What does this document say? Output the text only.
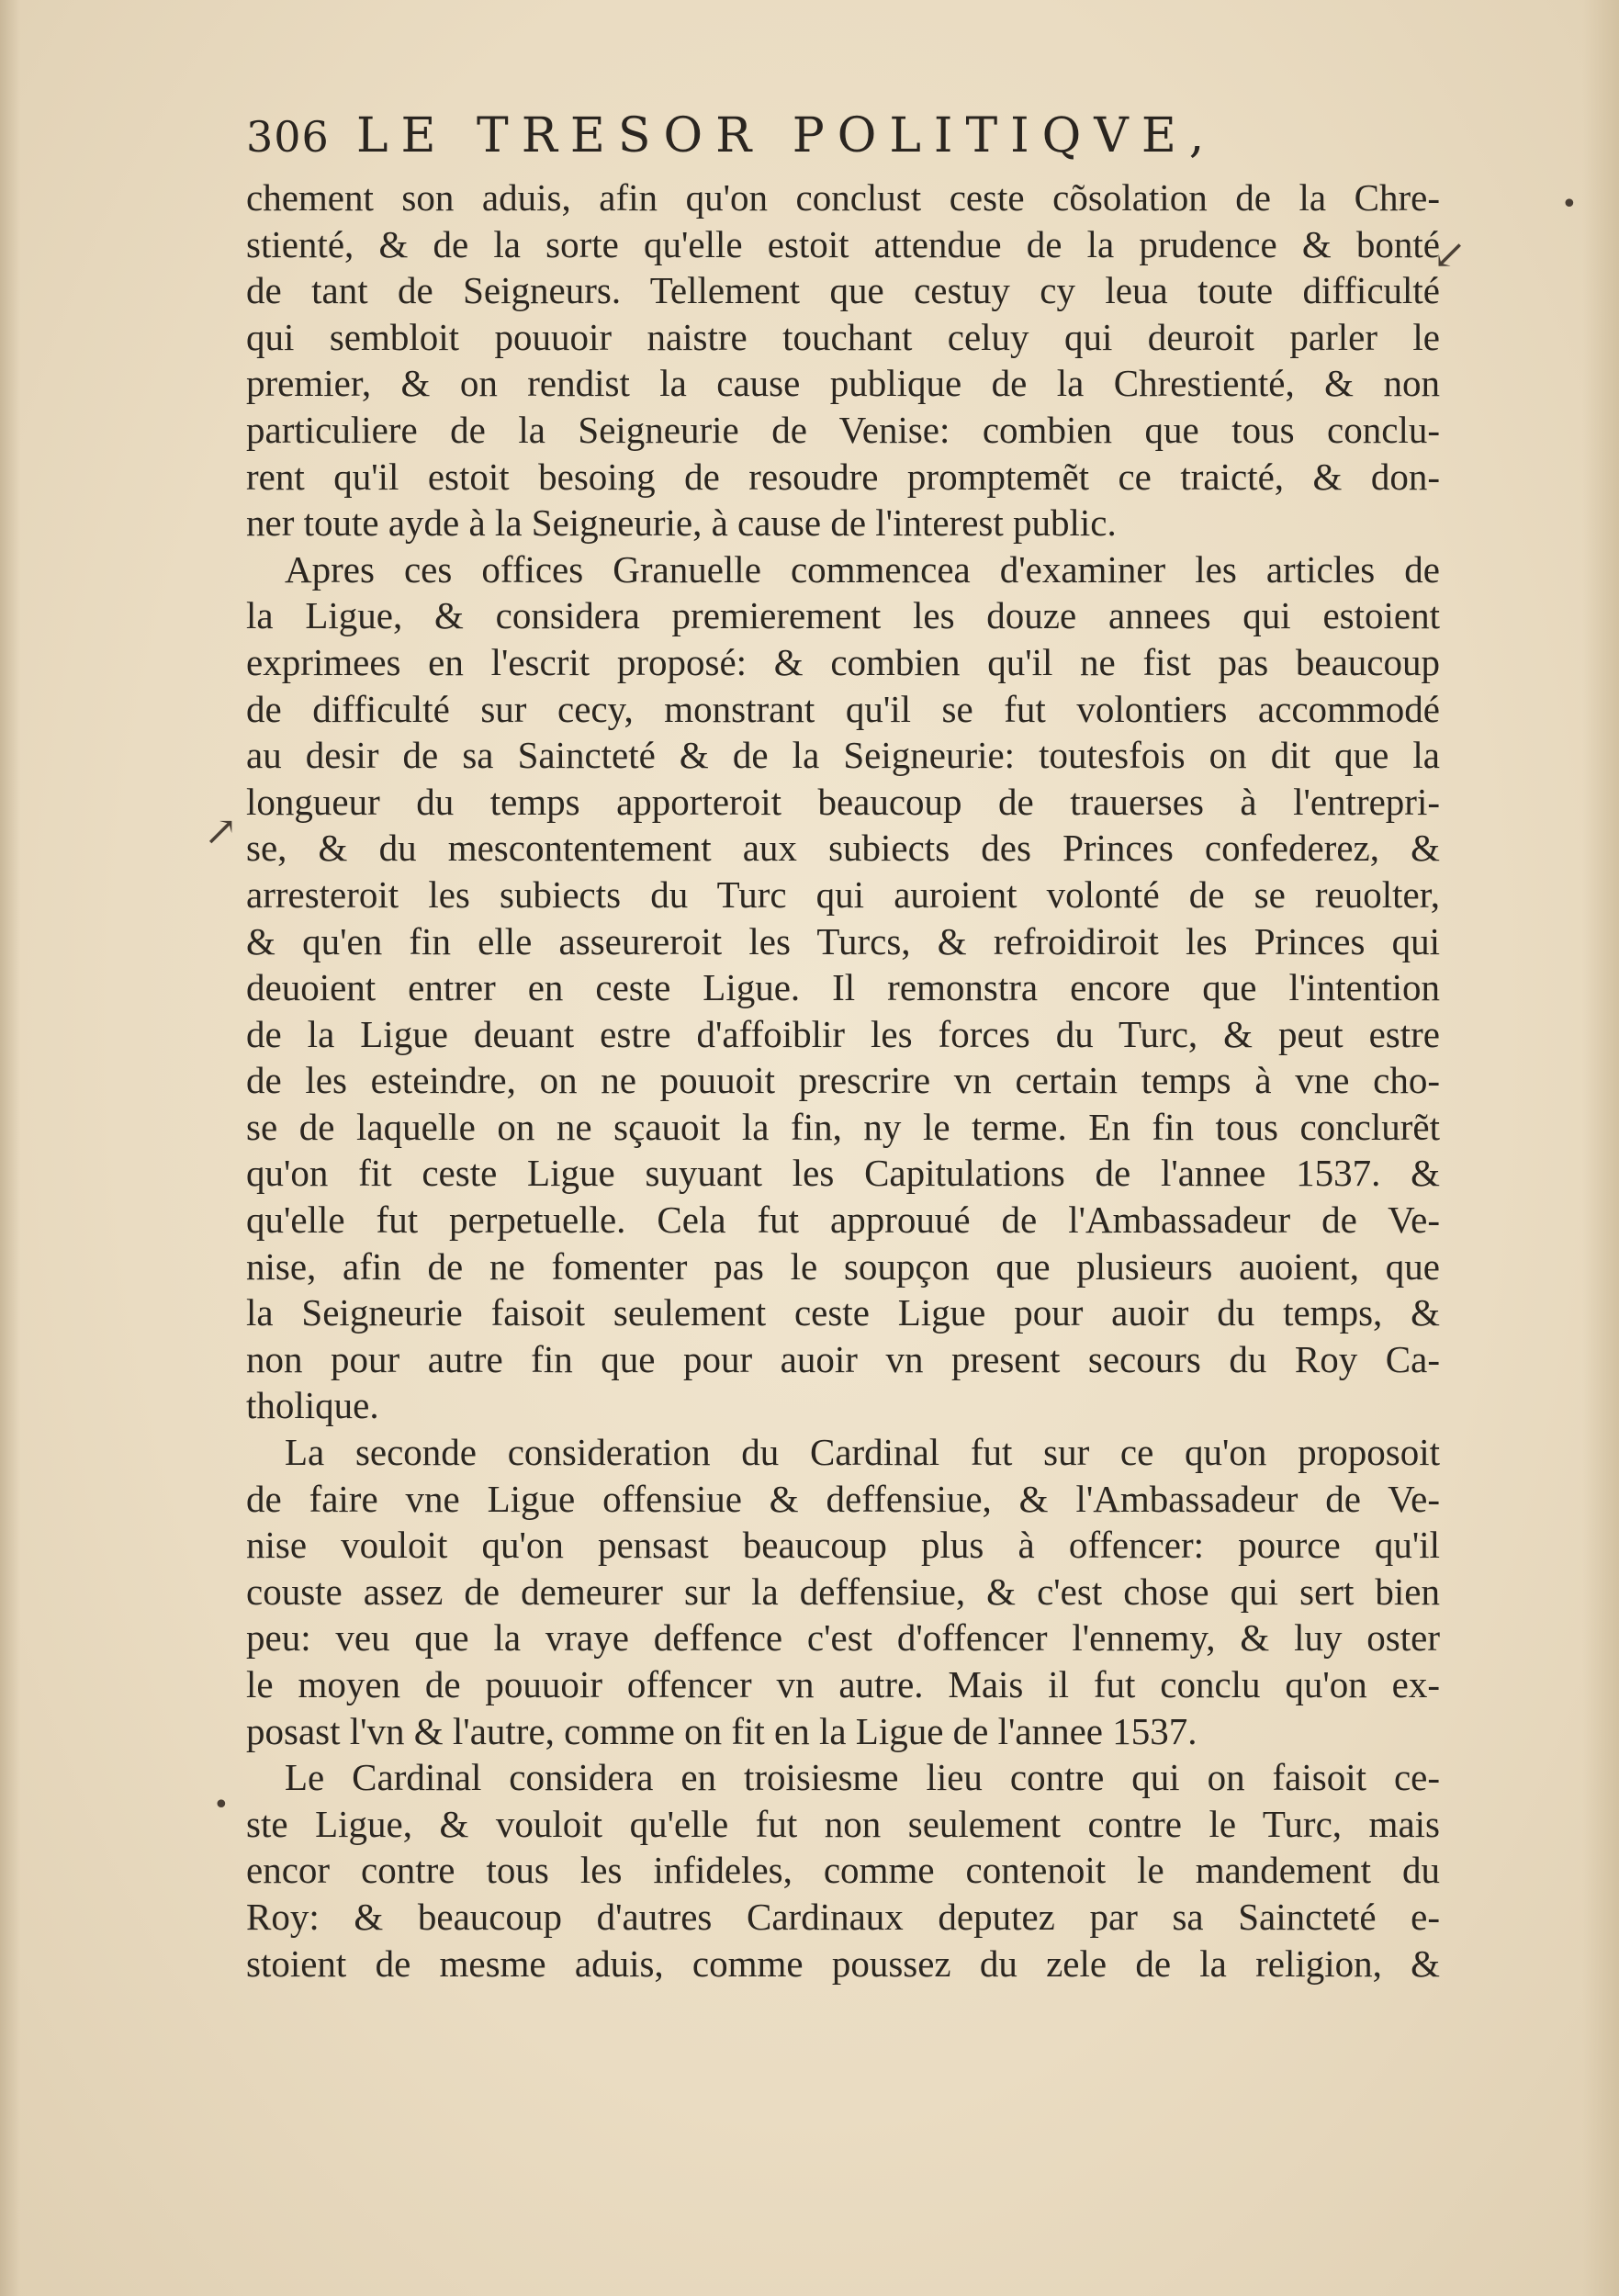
306 LE TRESOR POLITIQVE,
chement son aduis, afin qu'on conclust ceste cõsolation de la Chre-
stienté, & de la sorte qu'elle estoit attendue de la prudence & bonté
de tant de Seigneurs. Tellement que cestuy cy leua toute difficulté
qui sembloit pouuoir naistre touchant celuy qui deuroit parler le
premier, & on rendist la cause publique de la Chrestienté, & non
particuliere de la Seigneurie de Venise: combien que tous conclu-
rent qu'il estoit besoing de resoudre promptemẽt ce traicté, & don-
ner toute ayde à la Seigneurie, à cause de l'interest public.
Apres ces offices Granuelle commencea d'examiner les articles de
la Ligue, & considera premierement les douze annees qui estoient
exprimees en l'escrit proposé: & combien qu'il ne fist pas beaucoup
de difficulté sur cecy, monstrant qu'il se fut volontiers accommodé
au desir de sa Saincteté & de la Seigneurie: toutesfois on dit que la
longueur du temps apporteroit beaucoup de trauerses à l'entrepri-
se, & du mescontentement aux subiects des Princes confederez, &
arresteroit les subiects du Turc qui auroient volonté de se reuolter,
& qu'en fin elle asseureroit les Turcs, & refroidiroit les Princes qui
deuoient entrer en ceste Ligue. Il remonstra encore que l'intention
de la Ligue deuant estre d'affoiblir les forces du Turc, & peut estre
de les esteindre, on ne pouuoit prescrire vn certain temps à vne cho-
se de laquelle on ne sçauoit la fin, ny le terme. En fin tous conclurẽt
qu'on fit ceste Ligue suyuant les Capitulations de l'annee 1537. &
qu'elle fut perpetuelle. Cela fut approuué de l'Ambassadeur de Ve-
nise, afin de ne fomenter pas le soupçon que plusieurs auoient, que
la Seigneurie faisoit seulement ceste Ligue pour auoir du temps, &
non pour autre fin que pour auoir vn present secours du Roy Ca-
tholique.
La seconde consideration du Cardinal fut sur ce qu'on proposoit
de faire vne Ligue offensiue & deffensiue, & l'Ambassadeur de Ve-
nise vouloit qu'on pensast beaucoup plus à offencer: pource qu'il
couste assez de demeurer sur la deffensiue, & c'est chose qui sert bien
peu: veu que la vraye deffence c'est d'offencer l'ennemy, & luy oster
le moyen de pouuoir offencer vn autre. Mais il fut conclu qu'on ex-
posast l'vn & l'autre, comme on fit en la Ligue de l'annee 1537.
Le Cardinal considera en troisiesme lieu contre qui on faisoit ce-
ste Ligue, & vouloit qu'elle fut non seulement contre le Turc, mais
encor contre tous les infideles, comme contenoit le mandement du
Roy: & beaucoup d'autres Cardinaux deputez par sa Saincteté e-
stoient de mesme aduis, comme poussez du zele de la religion, &
•
↙
↗
•
